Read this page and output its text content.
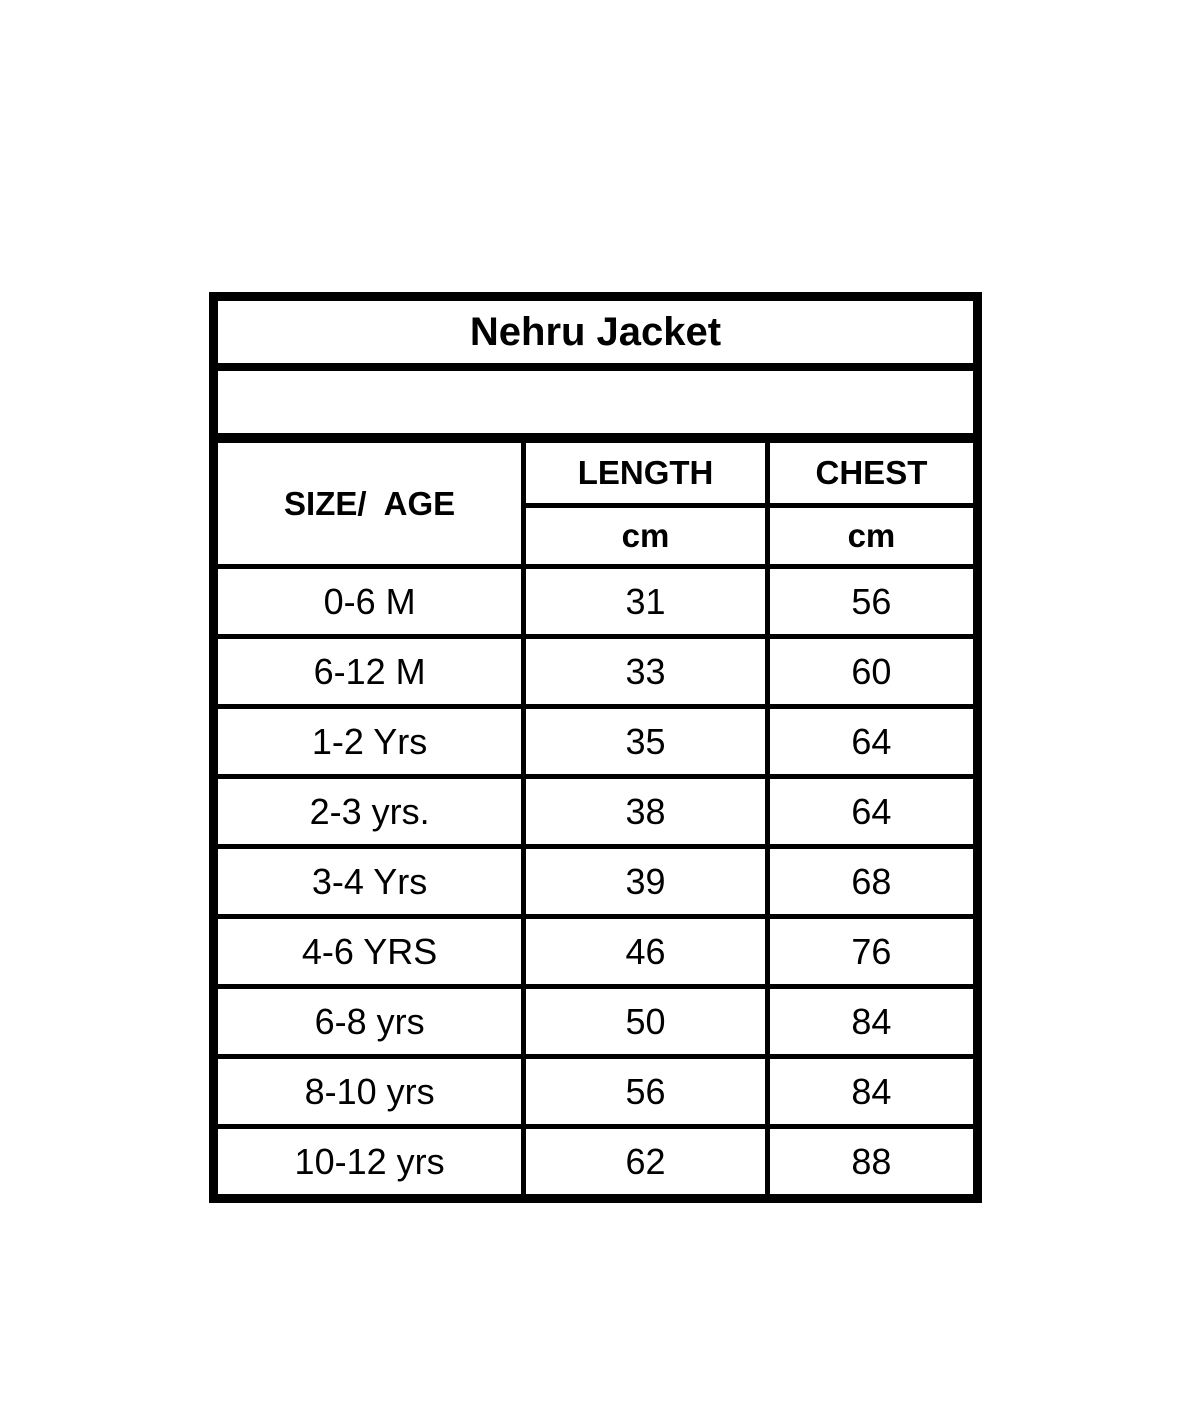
Nehru Jacket		

SIZE/  AGE	LENGTH	CHEST
	cm	cm
0-6 M	31	56
6-12 M	33	60
1-2 Yrs	35	64
2-3 yrs.	38	64
3-4 Yrs	39	68
4-6 YRS	46	76
6-8 yrs	50	84
8-10 yrs	56	84
10-12 yrs	62	88
